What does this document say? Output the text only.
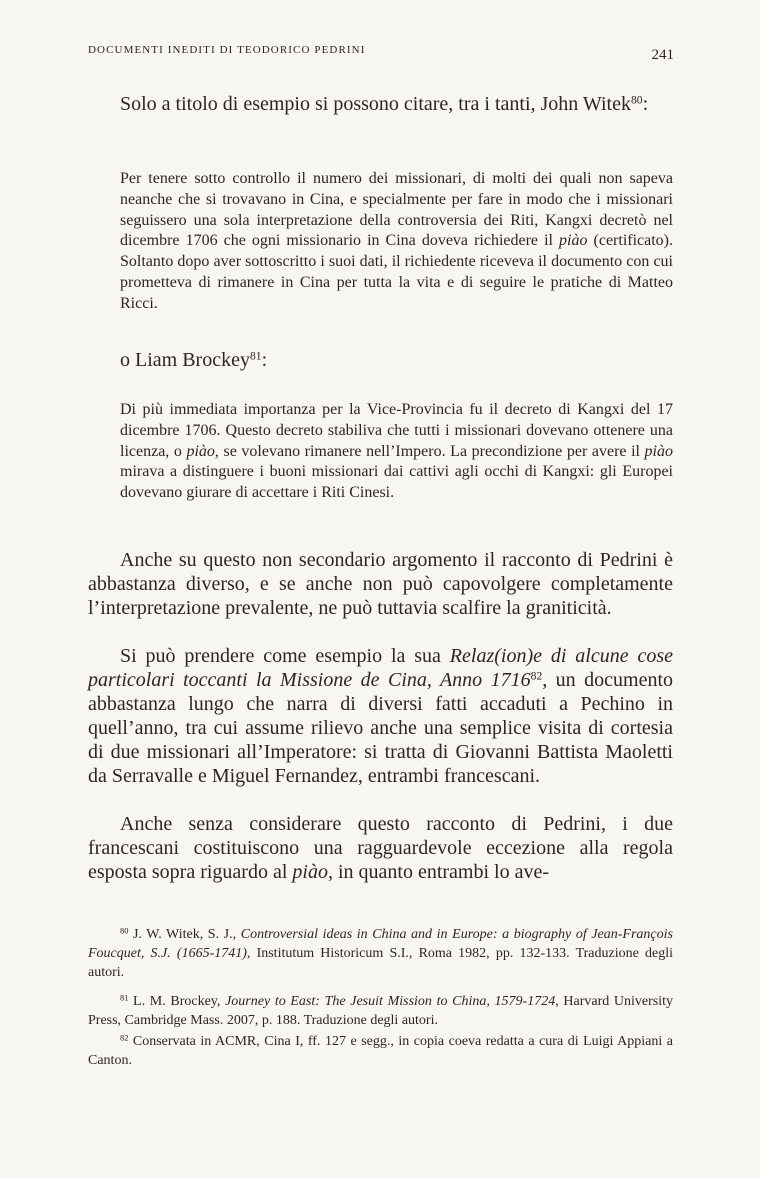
DOCUMENTI INEDITI DI TEODORICO PEDRINI	241

Solo a titolo di esempio si possono citare, tra i tanti, John Witek$^{80}$:

Per tenere sotto controllo il numero dei missionari, di molti dei quali non sapeva neanche che si trovavano in Cina, e specialmente per fare in modo che i missionari seguissero una sola interpretazione della controversia dei Riti, Kangxi decretò nel dicembre 1706 che ogni missionario in Cina doveva richiedere il piào (certificato). Soltanto dopo aver sottoscritto i suoi dati, il richiedente riceveva il documento con cui prometteva di rimanere in Cina per tutta la vita e di seguire le pratiche di Matteo Ricci.

o Liam Brockey$^{81}$:

Di più immediata importanza per la Vice-Provincia fu il decreto di Kangxi del 17 dicembre 1706. Questo decreto stabiliva che tutti i missionari dovevano ottenere una licenza, o piào, se volevano rimanere nell’Impero. La precondizione per avere il piào mirava a distinguere i buoni missionari dai cattivi agli occhi di Kangxi: gli Europei dovevano giurare di accettare i Riti Cinesi.

Anche su questo non secondario argomento il racconto di Pedrini è abbastanza diverso, e se anche non può capovolgere completamente l’interpretazione prevalente, ne può tuttavia scalfire la graniticità.

Si può prendere come esempio la sua Relaz(ion)e di alcune cose particolari toccanti la Missione de Cina, Anno 1716$^{82}$, un documento abbastanza lungo che narra di diversi fatti accaduti a Pechino in quell’anno, tra cui assume rilievo anche una semplice visita di cortesia di due missionari all’Imperatore: si tratta di Giovanni Battista Maoletti da Serravalle e Miguel Fernandez, entrambi francescani.

Anche senza considerare questo racconto di Pedrini, i due francescani costituiscono una ragguardevole eccezione alla regola esposta sopra riguardo al piào, in quanto entrambi lo ave-

$^{80}$ J. W. Witek, S. J., Controversial ideas in China and in Europe: a biography of Jean-François Foucquet, S.J. (1665-1741), Institutum Historicum S.I., Roma 1982, pp. 132-133. Traduzione degli autori.

$^{81}$ L. M. Brockey, Journey to East: The Jesuit Mission to China, 1579-1724, Harvard University Press, Cambridge Mass. 2007, p. 188. Traduzione degli autori.

$^{82}$ Conservata in ACMR, Cina I, ff. 127 e segg., in copia coeva redatta a cura di Luigi Appiani a Canton.
